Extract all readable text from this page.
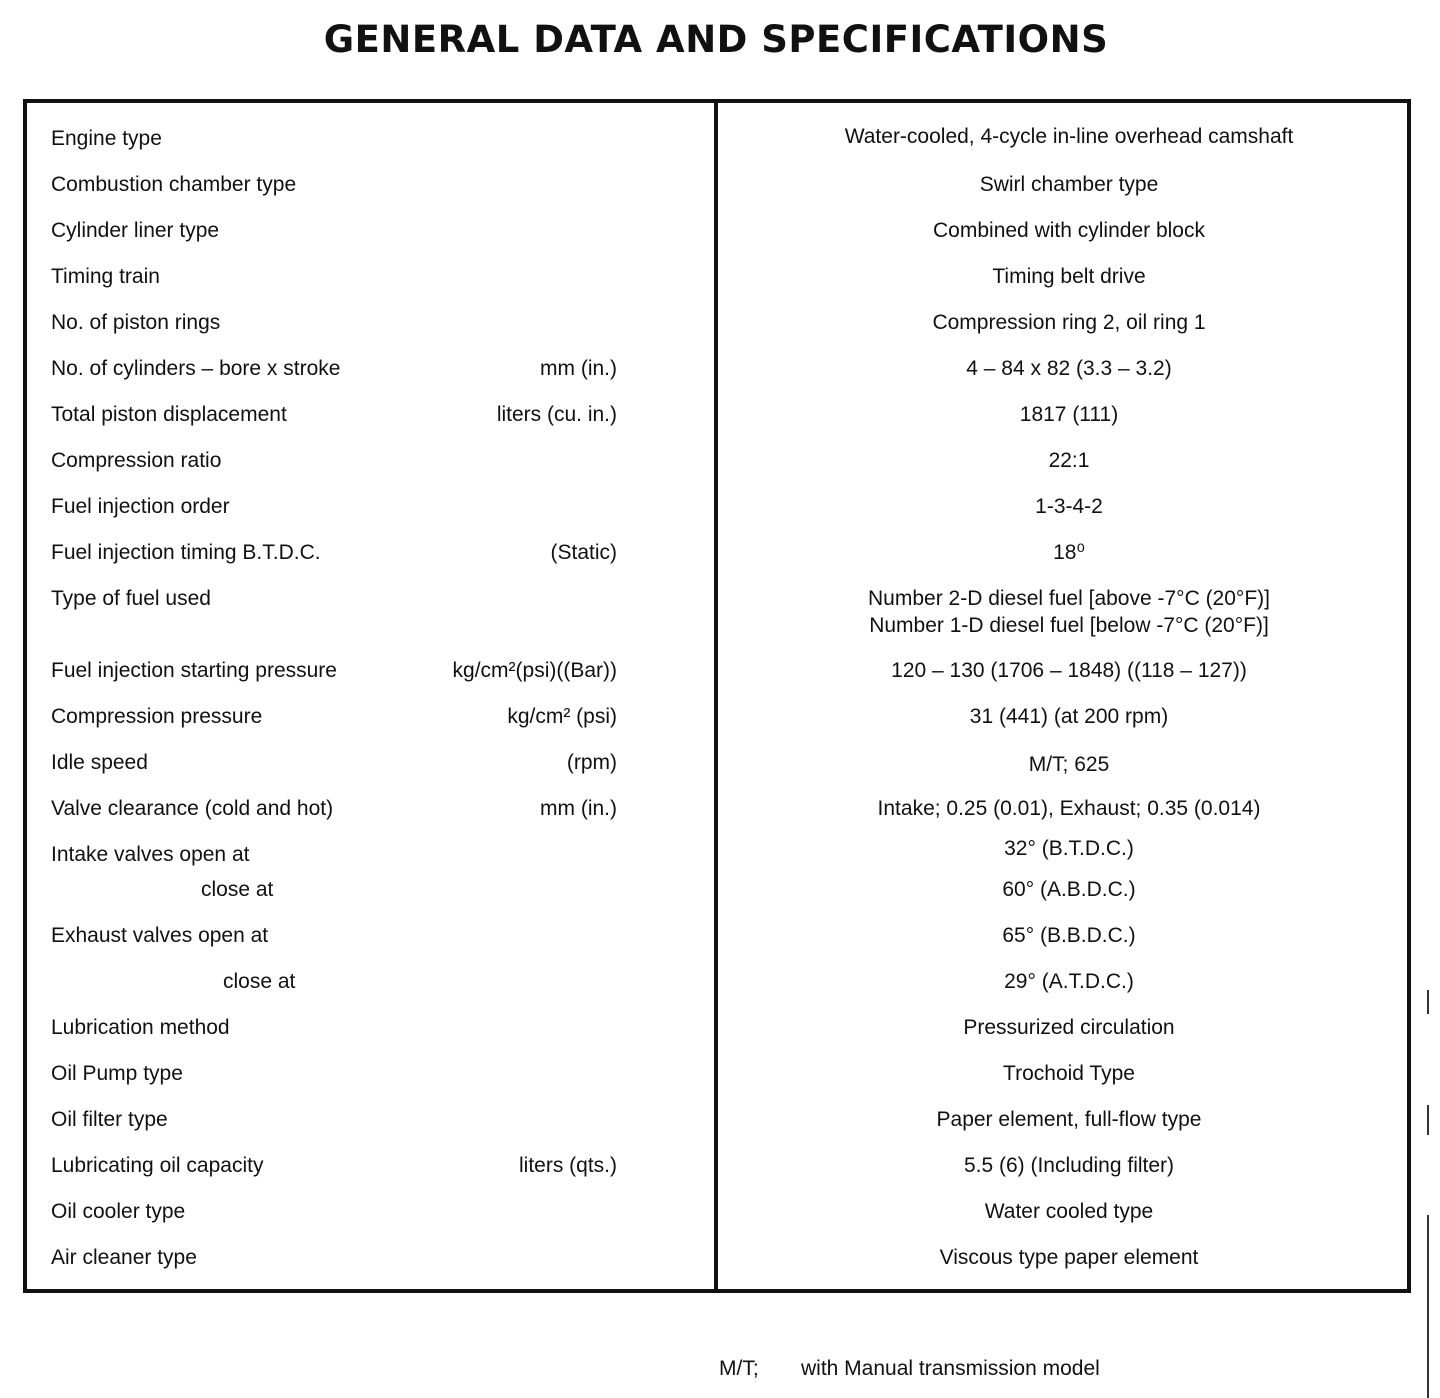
GENERAL DATA AND SPECIFICATIONS
Engine type	Water-cooled, 4-cycle in-line overhead camshaft
Combustion chamber type	Swirl chamber type
Cylinder liner type	Combined with cylinder block
Timing train	Timing belt drive
No. of piston rings	Compression ring 2, oil ring 1
No. of cylinders – bore x stroke	mm (in.)	4 – 84 x 82 (3.3 – 3.2)
Total piston displacement	liters (cu. in.)	1817 (111)
Compression ratio	22:1
Fuel injection order	1-3-4-2
Fuel injection timing B.T.D.C.	(Static)	18⁰
Type of fuel used	Number 2-D diesel fuel [above -7°C (20°F)]
Number 1-D diesel fuel [below -7°C (20°F)]
Fuel injection starting pressure	kg/cm²(psi)((Bar))	120 – 130 (1706 – 1848) ((118 – 127))
Compression pressure	kg/cm² (psi)	31 (441) (at 200 rpm)
Idle speed	(rpm)	M/T; 625
Valve clearance (cold and hot)	mm (in.)	Intake; 0.25 (0.01), Exhaust; 0.35 (0.014)
Intake valves open at	32° (B.T.D.C.)
close at	60° (A.B.D.C.)
Exhaust valves open at	65° (B.B.D.C.)
close at	29° (A.T.D.C.)
Lubrication method	Pressurized circulation
Oil Pump type	Trochoid Type
Oil filter type	Paper element, full-flow type
Lubricating oil capacity	liters (qts.)	5.5 (6) (Including filter)
Oil cooler type	Water cooled type
Air cleaner type	Viscous type paper element
M/T; with Manual transmission model
